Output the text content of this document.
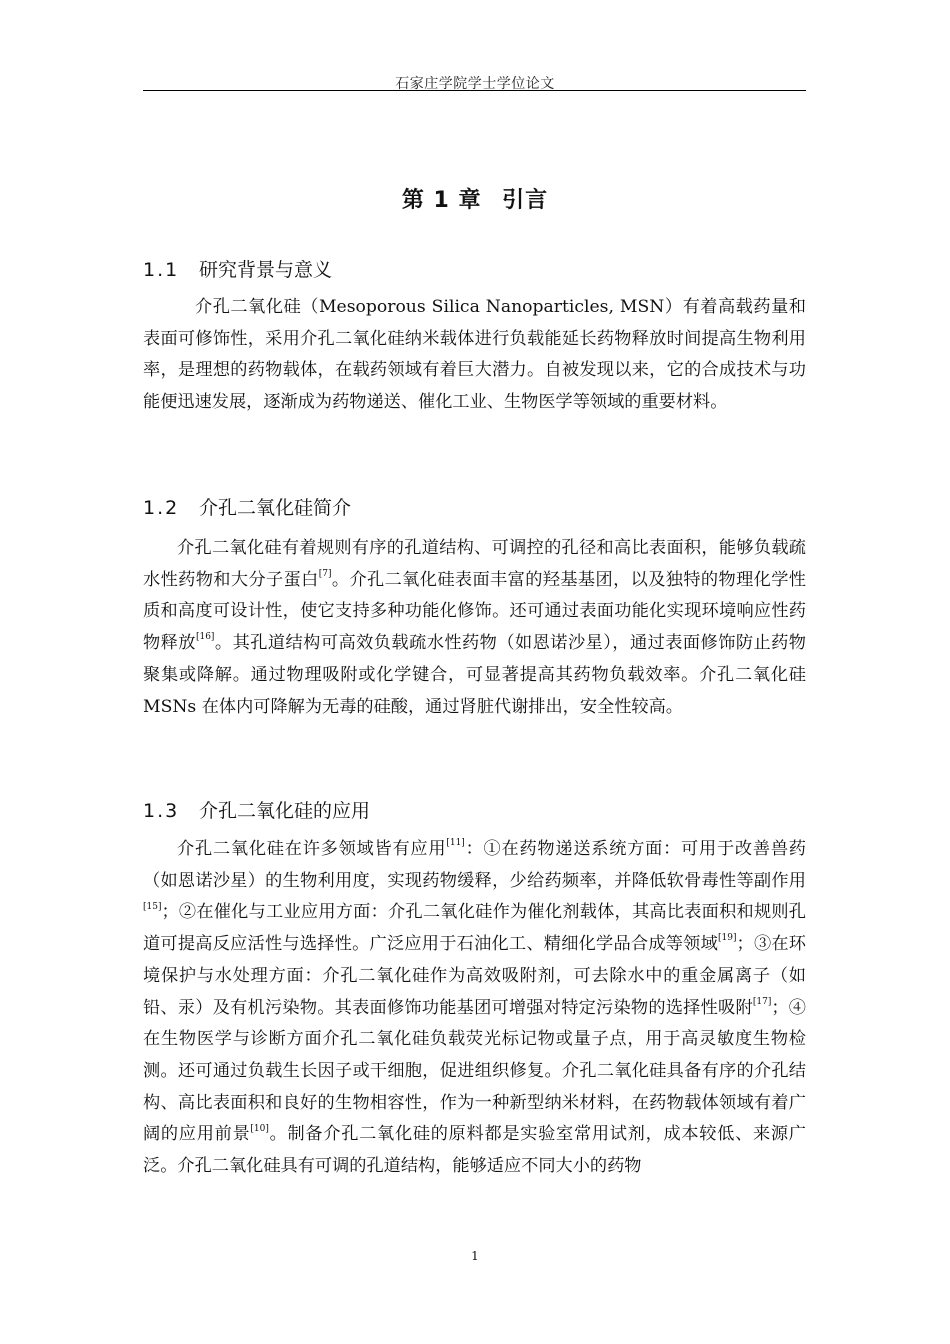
石家庄学院学士学位论文
第 1 章 引言
1.1 研究背景与意义

介孔二氧化硅（Mesoporous Silica Nanoparticles, MSN）有着高载药量和表面可修饰性，采用介孔二氧化硅纳米载体进行负载能延长药物释放时间提高生物利用率，是理想的药物载体，在载药领域有着巨大潜力。自被发现以来，它的合成技术与功能便迅速发展，逐渐成为药物递送、催化工业、生物医学等领域的重要材料。

1.2 介孔二氧化硅简介

介孔二氧化硅有着规则有序的孔道结构、可调控的孔径和高比表面积，能够负载疏水性药物和大分子蛋白[7]。介孔二氧化硅表面丰富的羟基基团，以及独特的物理化学性质和高度可设计性，使它支持多种功能化修饰。还可通过表面功能化实现环境响应性药物释放[16]。其孔道结构可高效负载疏水性药物（如恩诺沙星），通过表面修饰防止药物聚集或降解。通过物理吸附或化学键合，可显著提高其药物负载效率。介孔二氧化硅 MSNs 在体内可降解为无毒的硅酸，通过肾脏代谢排出，安全性较高。

1.3 介孔二氧化硅的应用

介孔二氧化硅在许多领域皆有应用[11]：①在药物递送系统方面：可用于改善兽药（如恩诺沙星）的生物利用度，实现药物缓释，少给药频率，并降低软骨毒性等副作用[15]；②在催化与工业应用方面：介孔二氧化硅作为催化剂载体，其高比表面积和规则孔道可提高反应活性与选择性。广泛应用于石油化工、精细化学品合成等领域[19]；③在环境保护与水处理方面：介孔二氧化硅作为高效吸附剂，可去除水中的重金属离子（如铅、汞）及有机污染物。其表面修饰功能基团可增强对特定污染物的选择性吸附[17]；④在生物医学与诊断方面介孔二氧化硅负载荧光标记物或量子点，用于高灵敏度生物检测。还可通过负载生长因子或干细胞，促进组织修复。介孔二氧化硅具备有序的介孔结构、高比表面积和良好的生物相容性，作为一种新型纳米材料，在药物载体领域有着广阔的应用前景[10]。制备介孔二氧化硅的原料都是实验室常用试剂，成本较低、来源广泛。介孔二氧化硅具有可调的孔道结构，能够适应不同大小的药物

1
